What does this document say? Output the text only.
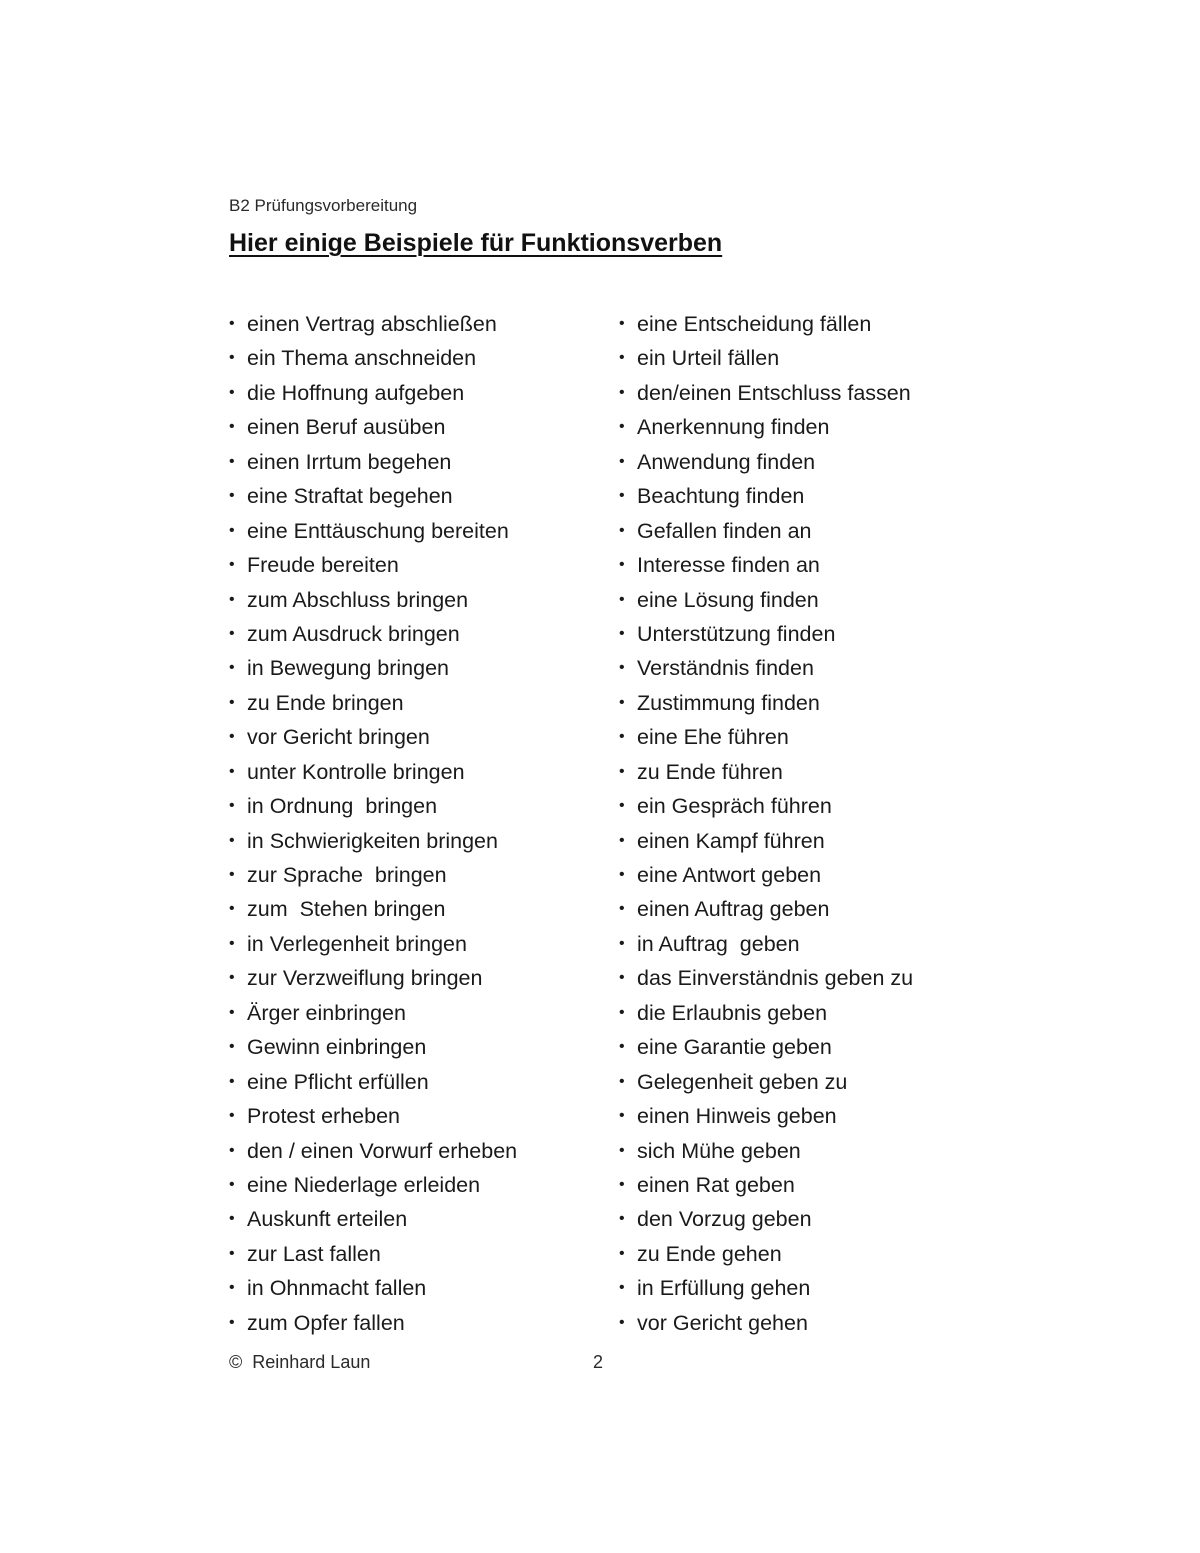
B2 Prüfungsvorbereitung
Hier einige Beispiele für Funktionsverben
• einen Vertrag abschließen
• ein Thema anschneiden
• die Hoffnung aufgeben
• einen Beruf ausüben
• einen Irrtum begehen
• eine Straftat begehen
• eine Enttäuschung bereiten
• Freude bereiten
• zum Abschluss bringen
• zum Ausdruck bringen
• in Bewegung bringen
• zu Ende bringen
• vor Gericht bringen
• unter Kontrolle bringen
• in Ordnung  bringen
• in Schwierigkeiten bringen
• zur Sprache  bringen
• zum  Stehen bringen
• in Verlegenheit bringen
• zur Verzweiflung bringen
• Ärger einbringen
• Gewinn einbringen
• eine Pflicht erfüllen
• Protest erheben
• den / einen Vorwurf erheben
• eine Niederlage erleiden
• Auskunft erteilen
• zur Last fallen
• in Ohnmacht fallen
• zum Opfer fallen
• eine Entscheidung fällen
• ein Urteil fällen
• den/einen Entschluss fassen
• Anerkennung finden
• Anwendung finden
• Beachtung finden
• Gefallen finden an
• Interesse finden an
• eine Lösung finden
• Unterstützung finden
• Verständnis finden
• Zustimmung finden
• eine Ehe führen
• zu Ende führen
• ein Gespräch führen
• einen Kampf führen
• eine Antwort geben
• einen Auftrag geben
• in Auftrag  geben
• das Einverständnis geben zu
• die Erlaubnis geben
• eine Garantie geben
• Gelegenheit geben zu
• einen Hinweis geben
• sich Mühe geben
• einen Rat geben
• den Vorzug geben
• zu Ende gehen
• in Erfüllung gehen
• vor Gericht gehen
©  Reinhard Laun	2
